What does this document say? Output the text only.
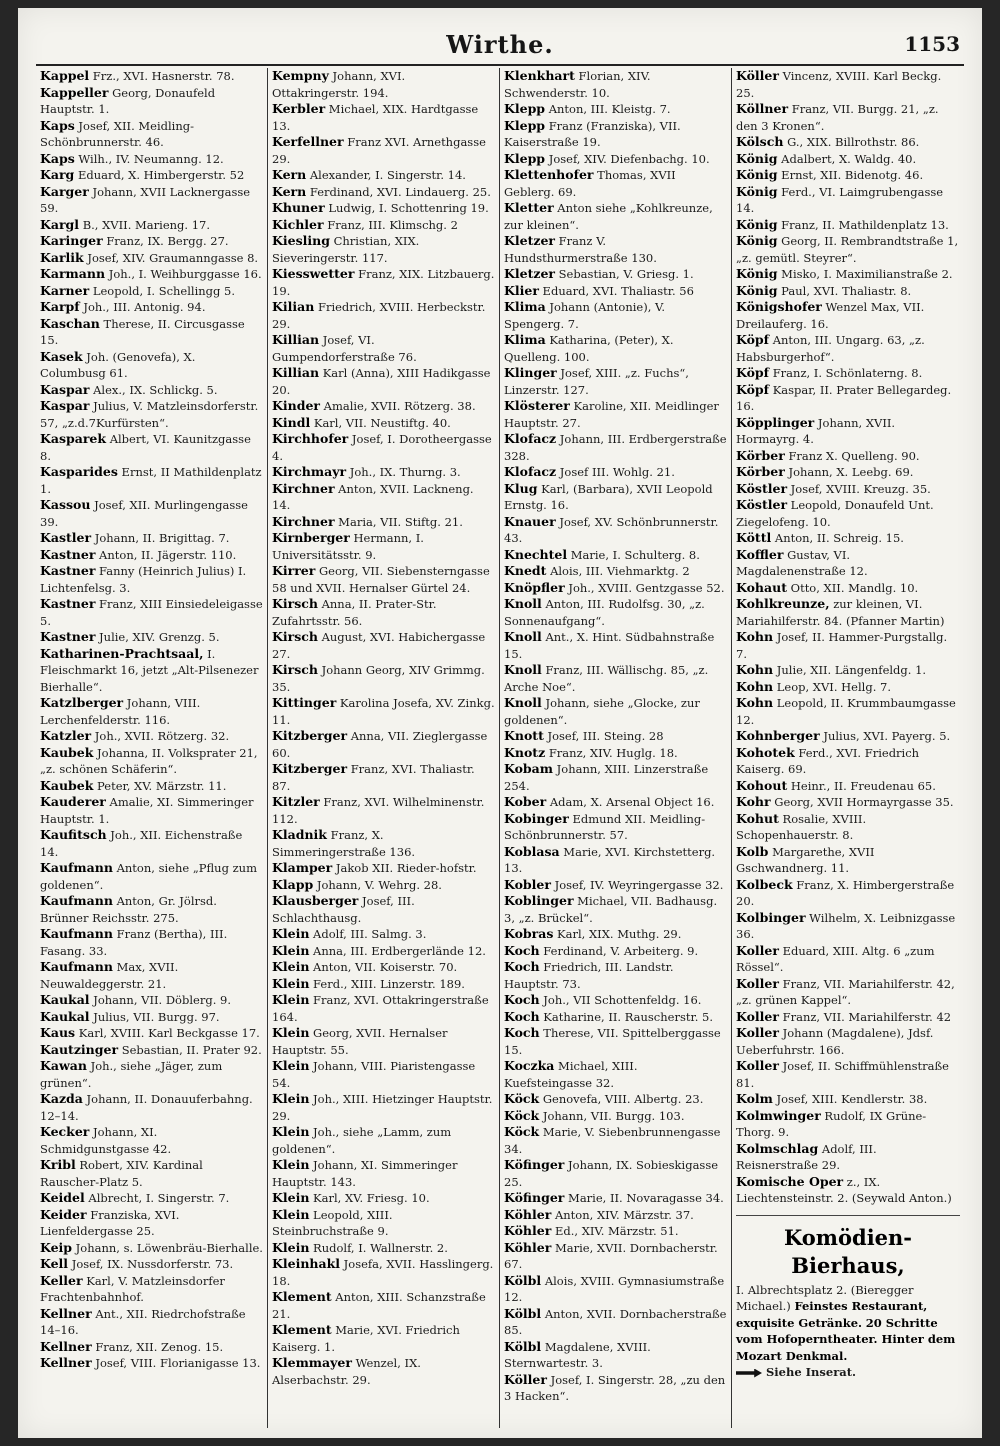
Wirthe.	1153
Kappel Frz., XVI. Hasnerstr. 78.
Kappeller Georg, Donaufeld Hauptstr. 1.
Kaps Josef, XII. Meidling-Schönbrunnerstr. 46.
Kaps Wilh., IV. Neumanng. 12.
Karg Eduard, X. Himbergerstr. 52
Karger Johann, XVII Lacknergasse 59.
Kargl B., XVII. Marieng. 17.
Karinger Franz, IX. Bergg. 27.
Karlik Josef, XIV. Graumanngasse 8.
Karmann Joh., I. Weihburggasse 16.
Karner Leopold, I. Schellingg 5.
Karpf Joh., III. Antonig. 94.
Kaschan Therese, II. Circusgasse 15.
Kasek Joh. (Genovefa), X. Columbusg 61.
Kaspar Alex., IX. Schlickg. 5.
Kaspar Julius, V. Matzleinsdorferstr. 57, „z.d.7Kurfürsten“.
Kasparek Albert, VI. Kaunitzgasse 8.
Kasparides Ernst, II Mathildenplatz 1.
Kassou Josef, XII. Murlingengasse 39.
Kastler Johann, II. Brigittag. 7.
Kastner Anton, II. Jägerstr. 110.
Kastner Fanny (Heinrich Julius) I. Lichtenfelsg. 3.
Kastner Franz, XIII Einsiedeleigasse 5.
Kastner Julie, XIV. Grenzg. 5.
Katharinen-Prachtsaal, I. Fleischmarkt 16, jetzt „Alt-Pilsenezer Bierhalle“.
Katzlberger Johann, VIII. Lerchenfelderstr. 116.
Katzler Joh., XVII. Rötzerg. 32.
Kaubek Johanna, II. Volksprater 21, „z. schönen Schäferin“.
Kaubek Peter, XV. Märzstr. 11.
Kauderer Amalie, XI. Simmeringer Hauptstr. 1.
Kaufitsch Joh., XII. Eichenstraße 14.
Kaufmann Anton, siehe „Pflug zum goldenen“.
Kaufmann Anton, Gr. Jölrsd. Brünner Reichsstr. 275.
Kaufmann Franz (Bertha), III. Fasang. 33.
Kaufmann Max, XVII. Neuwaldeggerstr. 21.
Kaukal Johann, VII. Döblerg. 9.
Kaukal Julius, VII. Burgg. 97.
Kaus Karl, XVIII. Karl Beckgasse 17.
Kautzinger Sebastian, II. Prater 92.
Kawan Joh., siehe „Jäger, zum grünen“.
Kazda Johann, II. Donauuferbahng. 12–14.
Kecker Johann, XI. Schmidgunstgasse 42.
Kribl Robert, XIV. Kardinal Rauscher-Platz 5.
Keidel Albrecht, I. Singerstr. 7.
Keider Franziska, XVI. Lienfeldergasse 25.
Keip Johann, s. Löwenbräu-Bierhalle.
Kell Josef, IX. Nussdorferstr. 73.
Keller Karl, V. Matzleinsdorfer Frachtenbahnhof.
Kellner Ant., XII. Riedrchofstraße 14–16.
Kellner Franz, XII. Zenog. 15.
Kellner Josef, VIII. Florianigasse 13.
Kempny Johann, XVI. Ottakringerstr. 194.
Kerbler Michael, XIX. Hardtgasse 13.
Kerfellner Franz XVI. Arnethgasse 29.
Kern Alexander, I. Singerstr. 14.
Kern Ferdinand, XVI. Lindauerg. 25.
Khuner Ludwig, I. Schottenring 19.
Kichler Franz, III. Klimschg. 2
Kiesling Christian, XIX. Sieveringerstr. 117.
Kiesswetter Franz, XIX. Litzbauerg. 19.
Kilian Friedrich, XVIII. Herbeckstr. 29.
Killian Josef, VI. Gumpendorferstraße 76.
Killian Karl (Anna), XIII Hadikgasse 20.
Kinder Amalie, XVII. Rötzerg. 38.
Kindl Karl, VII. Neustiftg. 40.
Kirchhofer Josef, I. Dorotheergasse 4.
Kirchmayr Joh., IX. Thurng. 3.
Kirchner Anton, XVII. Lackneng. 14.
Kirchner Maria, VII. Stiftg. 21.
Kirnberger Hermann, I. Universitätsstr. 9.
Kirrer Georg, VII. Siebensterngasse 58 und XVII. Hernalser Gürtel 24.
Kirsch Anna, II. Prater-Str. Zufahrtsstr. 56.
Kirsch August, XVI. Habichergasse 27.
Kirsch Johann Georg, XIV Grimmg. 35.
Kittinger Karolina Josefa, XV. Zinkg. 11.
Kitzberger Anna, VII. Zieglergasse 60.
Kitzberger Franz, XVI. Thaliastr. 87.
Kitzler Franz, XVI. Wilhelminenstr. 112.
Kladnik Franz, X. Simmeringerstraße 136.
Klamper Jakob XII. Rieder-hofstr.
Klapp Johann, V. Wehrg. 28.
Klausberger Josef, III. Schlachthausg.
Klein Adolf, III. Salmg. 3.
Klein Anna, III. Erdbergerlände 12.
Klein Anton, VII. Koiserstr. 70.
Klein Ferd., XIII. Linzerstr. 189.
Klein Franz, XVI. Ottakringerstraße 164.
Klein Georg, XVII. Hernalser Hauptstr. 55.
Klein Johann, VIII. Piaristengasse 54.
Klein Joh., XIII. Hietzinger Hauptstr. 29.
Klein Joh., siehe „Lamm, zum goldenen“.
Klein Johann, XI. Simmeringer Hauptstr. 143.
Klein Karl, XV. Friesg. 10.
Klein Leopold, XIII. Steinbruchstraße 9.
Klein Rudolf, I. Wallnerstr. 2.
Kleinhakl Josefa, XVII. Hasslingerg. 18.
Klement Anton, XIII. Schanzstraße 21.
Klement Marie, XVI. Friedrich Kaiserg. 1.
Klemmayer Wenzel, IX. Alserbachstr. 29.
Klenkhart Florian, XIV. Schwenderstr. 10.
Klepp Anton, III. Kleistg. 7.
Klepp Franz (Franziska), VII. Kaiserstraße 19.
Klepp Josef, XIV. Diefenbachg. 10.
Klettenhofer Thomas, XVII Geblerg. 69.
Kletter Anton siehe „Kohlkreunze, zur kleinen“.
Kletzer Franz V. Hundsthurmerstraße 130.
Kletzer Sebastian, V. Griesg. 1.
Klier Eduard, XVI. Thaliastr. 56
Klima Johann (Antonie), V. Spengerg. 7.
Klima Katharina, (Peter), X. Quelleng. 100.
Klinger Josef, XIII. „z. Fuchs“, Linzerstr. 127.
Klösterer Karoline, XII. Meidlinger Hauptstr. 27.
Klofacz Johann, III. Erdbergerstraße 328.
Klofacz Josef III. Wohlg. 21.
Klug Karl, (Barbara), XVII Leopold Ernstg. 16.
Knauer Josef, XV. Schönbrunnerstr. 43.
Knechtel Marie, I. Schulterg. 8.
Knedt Alois, III. Viehmarktg. 2
Knöpfler Joh., XVIII. Gentzgasse 52.
Knoll Anton, III. Rudolfsg. 30, „z. Sonnenaufgang“.
Knoll Ant., X. Hint. Südbahnstraße 15.
Knoll Franz, III. Wällischg. 85, „z. Arche Noe“.
Knoll Johann, siehe „Glocke, zur goldenen“.
Knott Josef, III. Steing. 28
Knotz Franz, XIV. Huglg. 18.
Kobam Johann, XIII. Linzerstraße 254.
Kober Adam, X. Arsenal Object 16.
Kobinger Edmund XII. Meidling-Schönbrunnerstr. 57.
Koblasa Marie, XVI. Kirchstetterg. 13.
Kobler Josef, IV. Weyringergasse 32.
Koblinger Michael, VII. Badhausg. 3, „z. Brückel“.
Kobras Karl, XIX. Muthg. 29.
Koch Ferdinand, V. Arbeiterg. 9.
Koch Friedrich, III. Landstr. Hauptstr. 73.
Koch Joh., VII Schottenfeldg. 16.
Koch Katharine, II. Rauscherstr. 5.
Koch Therese, VII. Spittelberggasse 15.
Koczka Michael, XIII. Kuefsteingasse 32.
Köck Genovefa, VIII. Albertg. 23.
Köck Johann, VII. Burgg. 103.
Köck Marie, V. Siebenbrunnengasse 34.
Köfinger Johann, IX. Sobieskigasse 25.
Köfinger Marie, II. Novaragasse 34.
Köhler Anton, XIV. Märzstr. 37.
Köhler Ed., XIV. Märzstr. 51.
Köhler Marie, XVII. Dornbacherstr. 67.
Kölbl Alois, XVIII. Gymnasiumstraße 12.
Kölbl Anton, XVII. Dornbacherstraße 85.
Kölbl Magdalene, XVIII. Sternwartestr. 3.
Köller Josef, I. Singerstr. 28, „zu den 3 Hacken“.
Köller Vincenz, XVIII. Karl Beckg. 25.
Köllner Franz, VII. Burgg. 21, „z. den 3 Kronen“.
Kölsch G., XIX. Billrothstr. 86.
König Adalbert, X. Waldg. 40.
König Ernst, XII. Bidenotg. 46.
König Ferd., VI. Laimgrubengasse 14.
König Franz, II. Mathildenplatz 13.
König Georg, II. Rembrandtstraße 1, „z. gemütl. Steyrer“.
König Misko, I. Maximilianstraße 2.
König Paul, XVI. Thaliastr. 8.
Königshofer Wenzel Max, VII. Dreilauferg. 16.
Köpf Anton, III. Ungarg. 63, „z. Habsburgerhof“.
Köpf Franz, I. Schönlaterng. 8.
Köpf Kaspar, II. Prater Bellegardeg. 16.
Köpplinger Johann, XVII. Hormayrg. 4.
Körber Franz X. Quelleng. 90.
Körber Johann, X. Leebg. 69.
Köstler Josef, XVIII. Kreuzg. 35.
Köstler Leopold, Donaufeld Unt. Ziegelofeng. 10.
Köttl Anton, II. Schreig. 15.
Koffler Gustav, VI. Magdalenenstraße 12.
Kohaut Otto, XII. Mandlg. 10.
Kohlkreunze, zur kleinen, VI. Mariahilferstr. 84. (Pfanner Martin)
Kohn Josef, II. Hammer-Purgstallg. 7.
Kohn Julie, XII. Längenfeldg. 1.
Kohn Leop, XVI. Hellg. 7.
Kohn Leopold, II. Krummbaumgasse 12.
Kohnberger Julius, XVI. Payerg. 5.
Kohotek Ferd., XVI. Friedrich Kaiserg. 69.
Kohout Heinr., II. Freudenau 65.
Kohr Georg, XVII Hormayrgasse 35.
Kohut Rosalie, XVIII. Schopenhauerstr. 8.
Kolb Margarethe, XVII Gschwandnerg. 11.
Kolbeck Franz, X. Himbergerstraße 20.
Kolbinger Wilhelm, X. Leibnizgasse 36.
Koller Eduard, XIII. Altg. 6 „zum Rössel“.
Koller Franz, VII. Mariahilferstr. 42, „z. grünen Kappel“.
Koller Franz, VII. Mariahilferstr. 42
Koller Johann (Magdalene), Jdsf. Ueberfuhrstr. 166.
Koller Josef, II. Schiffmühlenstraße 81.
Kolm Josef, XIII. Kendlerstr. 38.
Kolmwinger Rudolf, IX Grüne-Thorg. 9.
Kolmschlag Adolf, III. Reisnerstraße 29.
Komische Oper z., IX. Liechtensteinstr. 2. (Seywald Anton.)
Komödien-Bierhaus,
I. Albrechtsplatz 2. (Bieregger Michael.) Feinstes Restaurant, exquisite Getränke. 20 Schritte vom Hofoperntheater. Hinter dem Mozart Denkmal.
Siehe Inserat.
